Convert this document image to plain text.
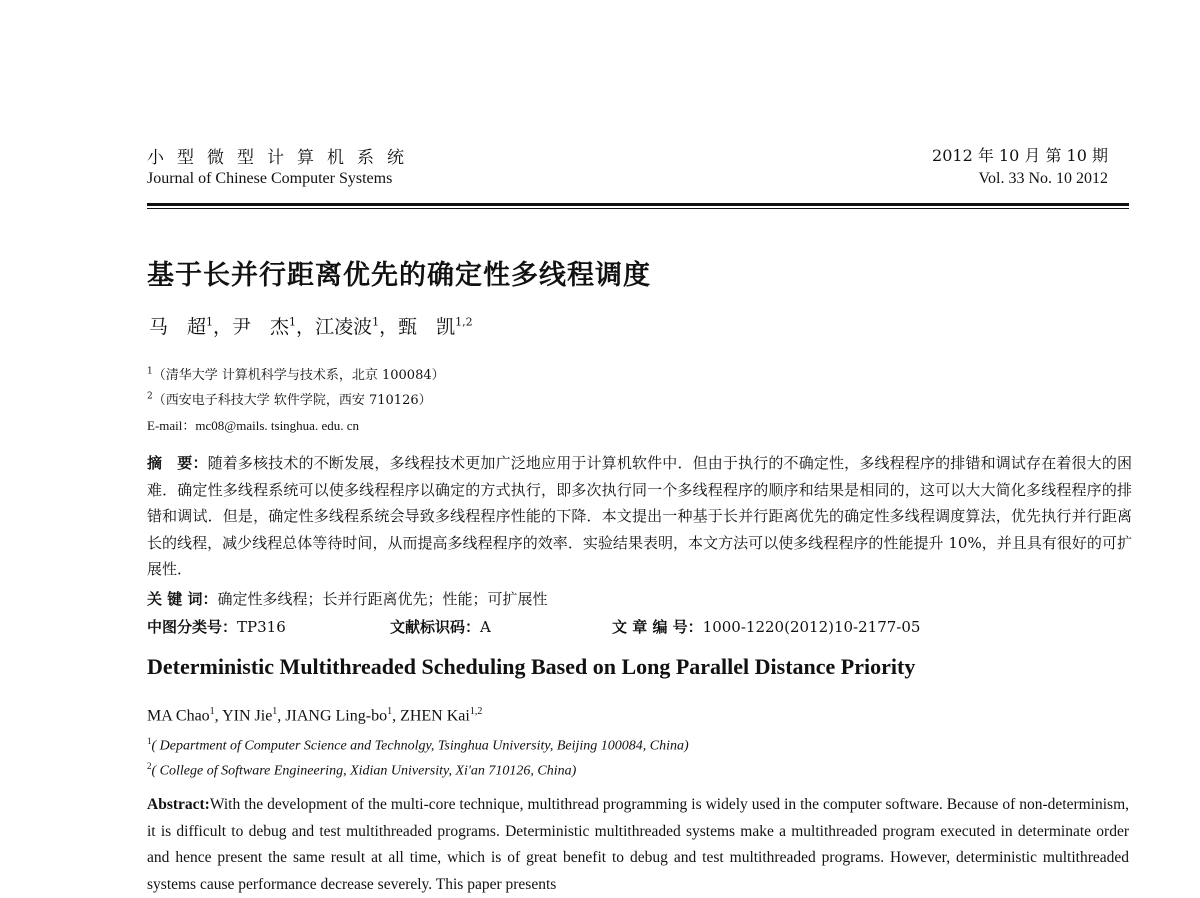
小型微型计算机系统
Journal of Chinese Computer Systems
2012 年 10 月 第 10 期
Vol. 33 No. 10 2012
基于长并行距离优先的确定性多线程调度
马　超$^1$，尹　杰$^1$，江凌波$^1$，甄　凯$^{1,2}$
$^1$（清华大学 计算机科学与技术系，北京 100084）
$^2$（西安电子科技大学 软件学院，西安 710126）
E-mail：mc08@mails. tsinghua. edu. cn
摘　要：随着多核技术的不断发展，多线程技术更加广泛地应用于计算机软件中．但由于执行的不确定性，多线程程序的排错和调试存在着很大的困难．确定性多线程系统可以使多线程程序以确定的方式执行，即多次执行同一个多线程程序的顺序和结果是相同的，这可以大大简化多线程程序的排错和调试．但是，确定性多线程系统会导致多线程程序性能的下降．本文提出一种基于长并行距离优先的确定性多线程调度算法，优先执行并行距离长的线程，减少线程总体等待时间，从而提高多线程程序的效率．实验结果表明，本文方法可以使多线程程序的性能提升 10%，并且具有很好的可扩展性．
关 键 词：确定性多线程；长并行距离优先；性能；可扩展性
中图分类号：TP316	文献标识码：A	文 章 编 号：1000-1220(2012)10-2177-05
Deterministic Multithreaded Scheduling Based on Long Parallel Distance Priority
MA Chao$^1$, YIN Jie$^1$, JIANG Ling-$bo^1$, ZHEN Kai$^{1,2}$
$^1$( Department of Computer Science and Technolgy, Tsinghua University, Beijing 100084, China)
$^2$( College of Software Engineering, Xidian University, Xi'an 710126, China)
Abstract:With the development of the multi-core technique, multithread programming is widely used in the computer software. Because of non-determinism, it is difficult to debug and test multithreaded programs. Deterministic multithreaded systems make a multithreaded program executed in determinate order and hence present the same result at all time, which is of great benefit to debug and test multithreaded programs. However, deterministic multithreaded systems cause performance decrease severely. This paper presents
